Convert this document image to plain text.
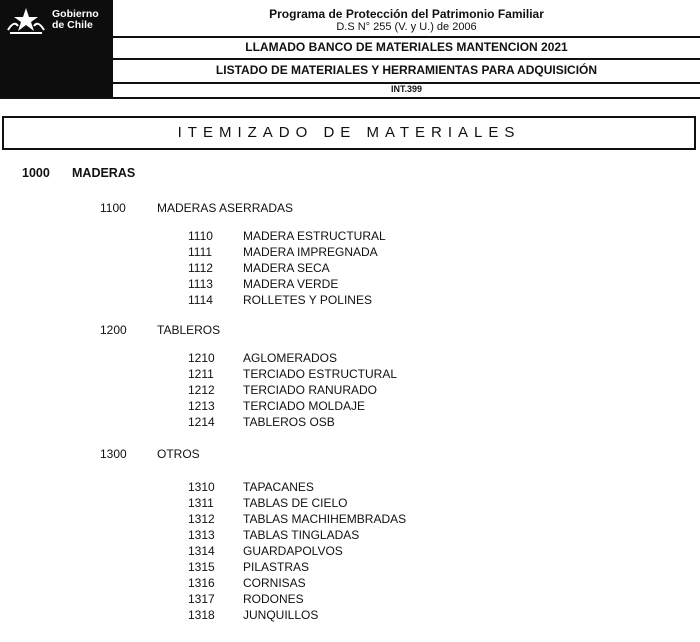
Gobierno
de Chile
Programa de Protección del Patrimonio Familiar
D.S N° 255 (V. y U.) de 2006
LLAMADO BANCO DE MATERIALES MANTENCION 2021
LISTADO DE MATERIALES Y HERRAMIENTAS PARA ADQUISICIÓN
INT.399
ITEMIZADO DE MATERIALES
1000 MADERAS
1100	MADERAS ASERRADAS
1110	MADERA ESTRUCTURAL
1111	MADERA IMPREGNADA
1112	MADERA SECA
1113	MADERA VERDE
1114	ROLLETES Y POLINES
1200	TABLEROS
1210 AGLOMERADOS
1211 TERCIADO ESTRUCTURAL
1212 TERCIADO RANURADO
1213 TERCIADO MOLDAJE
1214 TABLEROS OSB
1300	OTROS
1310 TAPACANES
1311 TABLAS DE CIELO
1312 TABLAS MACHIHEMBRADAS
1313 TABLAS TINGLADAS
1314 GUARDAPOLVOS
1315 PILASTRAS
1316 CORNISAS
1317 RODONES
1318 JUNQUILLOS
